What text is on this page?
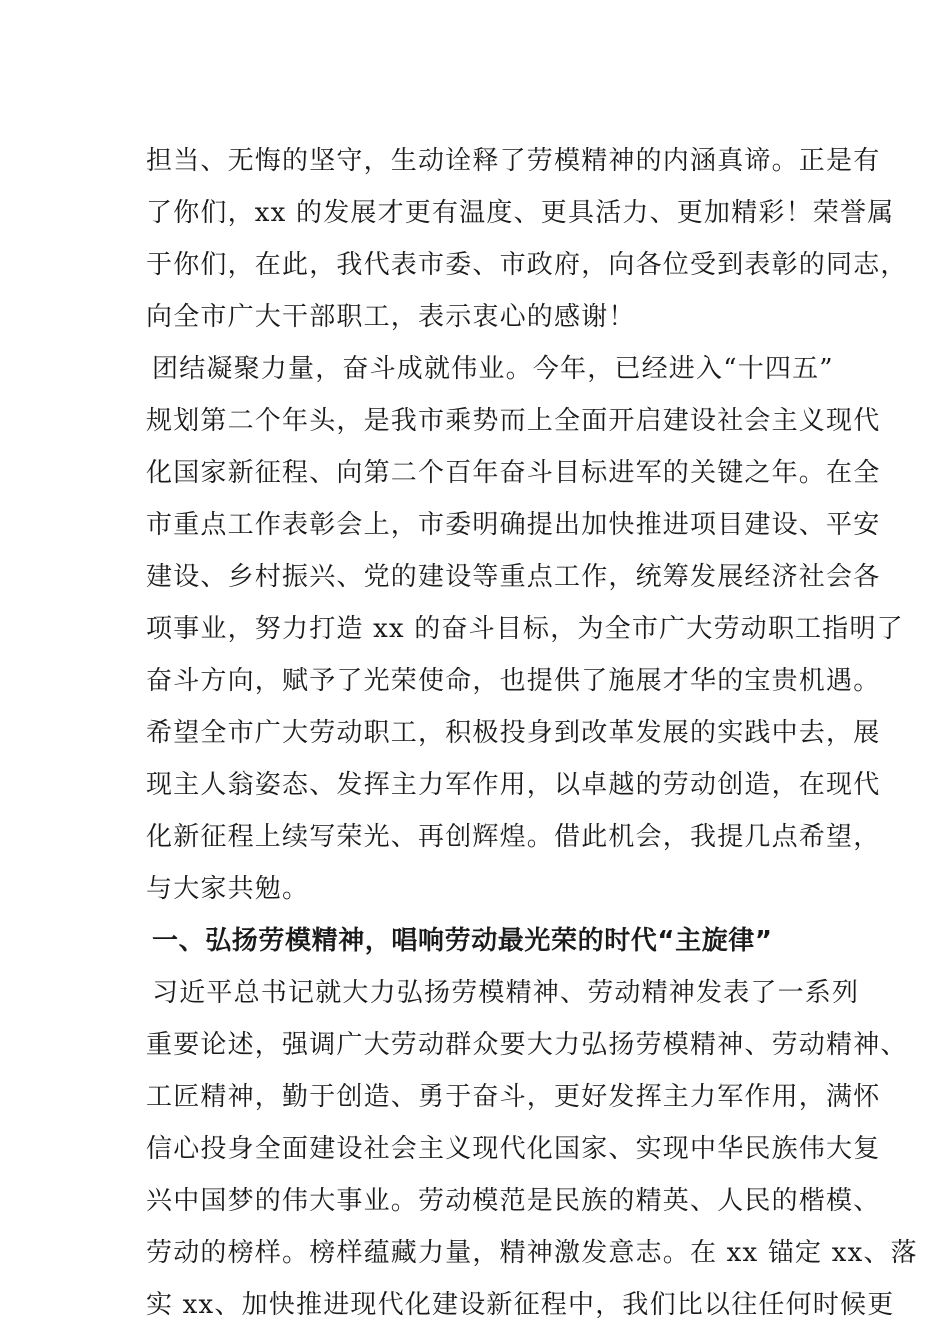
担当、无悔的坚守，生动诠释了劳模精神的内涵真谛。正是有
了你们，xx 的发展才更有温度、更具活力、更加精彩！荣誉属
于你们，在此，我代表市委、市政府，向各位受到表彰的同志，
向全市广大干部职工，表示衷心的感谢！
团结凝聚力量，奋斗成就伟业。今年，已经进入“十四五”
规划第二个年头，是我市乘势而上全面开启建设社会主义现代
化国家新征程、向第二个百年奋斗目标进军的关键之年。在全
市重点工作表彰会上，市委明确提出加快推进项目建设、平安
建设、乡村振兴、党的建设等重点工作，统筹发展经济社会各
项事业，努力打造 xx 的奋斗目标，为全市广大劳动职工指明了
奋斗方向，赋予了光荣使命，也提供了施展才华的宝贵机遇。
希望全市广大劳动职工，积极投身到改革发展的实践中去，展
现主人翁姿态、发挥主力军作用，以卓越的劳动创造，在现代
化新征程上续写荣光、再创辉煌。借此机会，我提几点希望，
与大家共勉。
一、弘扬劳模精神，唱响劳动最光荣的时代“主旋律”
习近平总书记就大力弘扬劳模精神、劳动精神发表了一系列
重要论述，强调广大劳动群众要大力弘扬劳模精神、劳动精神、
工匠精神，勤于创造、勇于奋斗，更好发挥主力军作用，满怀
信心投身全面建设社会主义现代化国家、实现中华民族伟大复
兴中国梦的伟大事业。劳动模范是民族的精英、人民的楷模、
劳动的榜样。榜样蕴藏力量，精神激发意志。在 xx 锚定 xx、落
实 xx、加快推进现代化建设新征程中，我们比以往任何时候更
